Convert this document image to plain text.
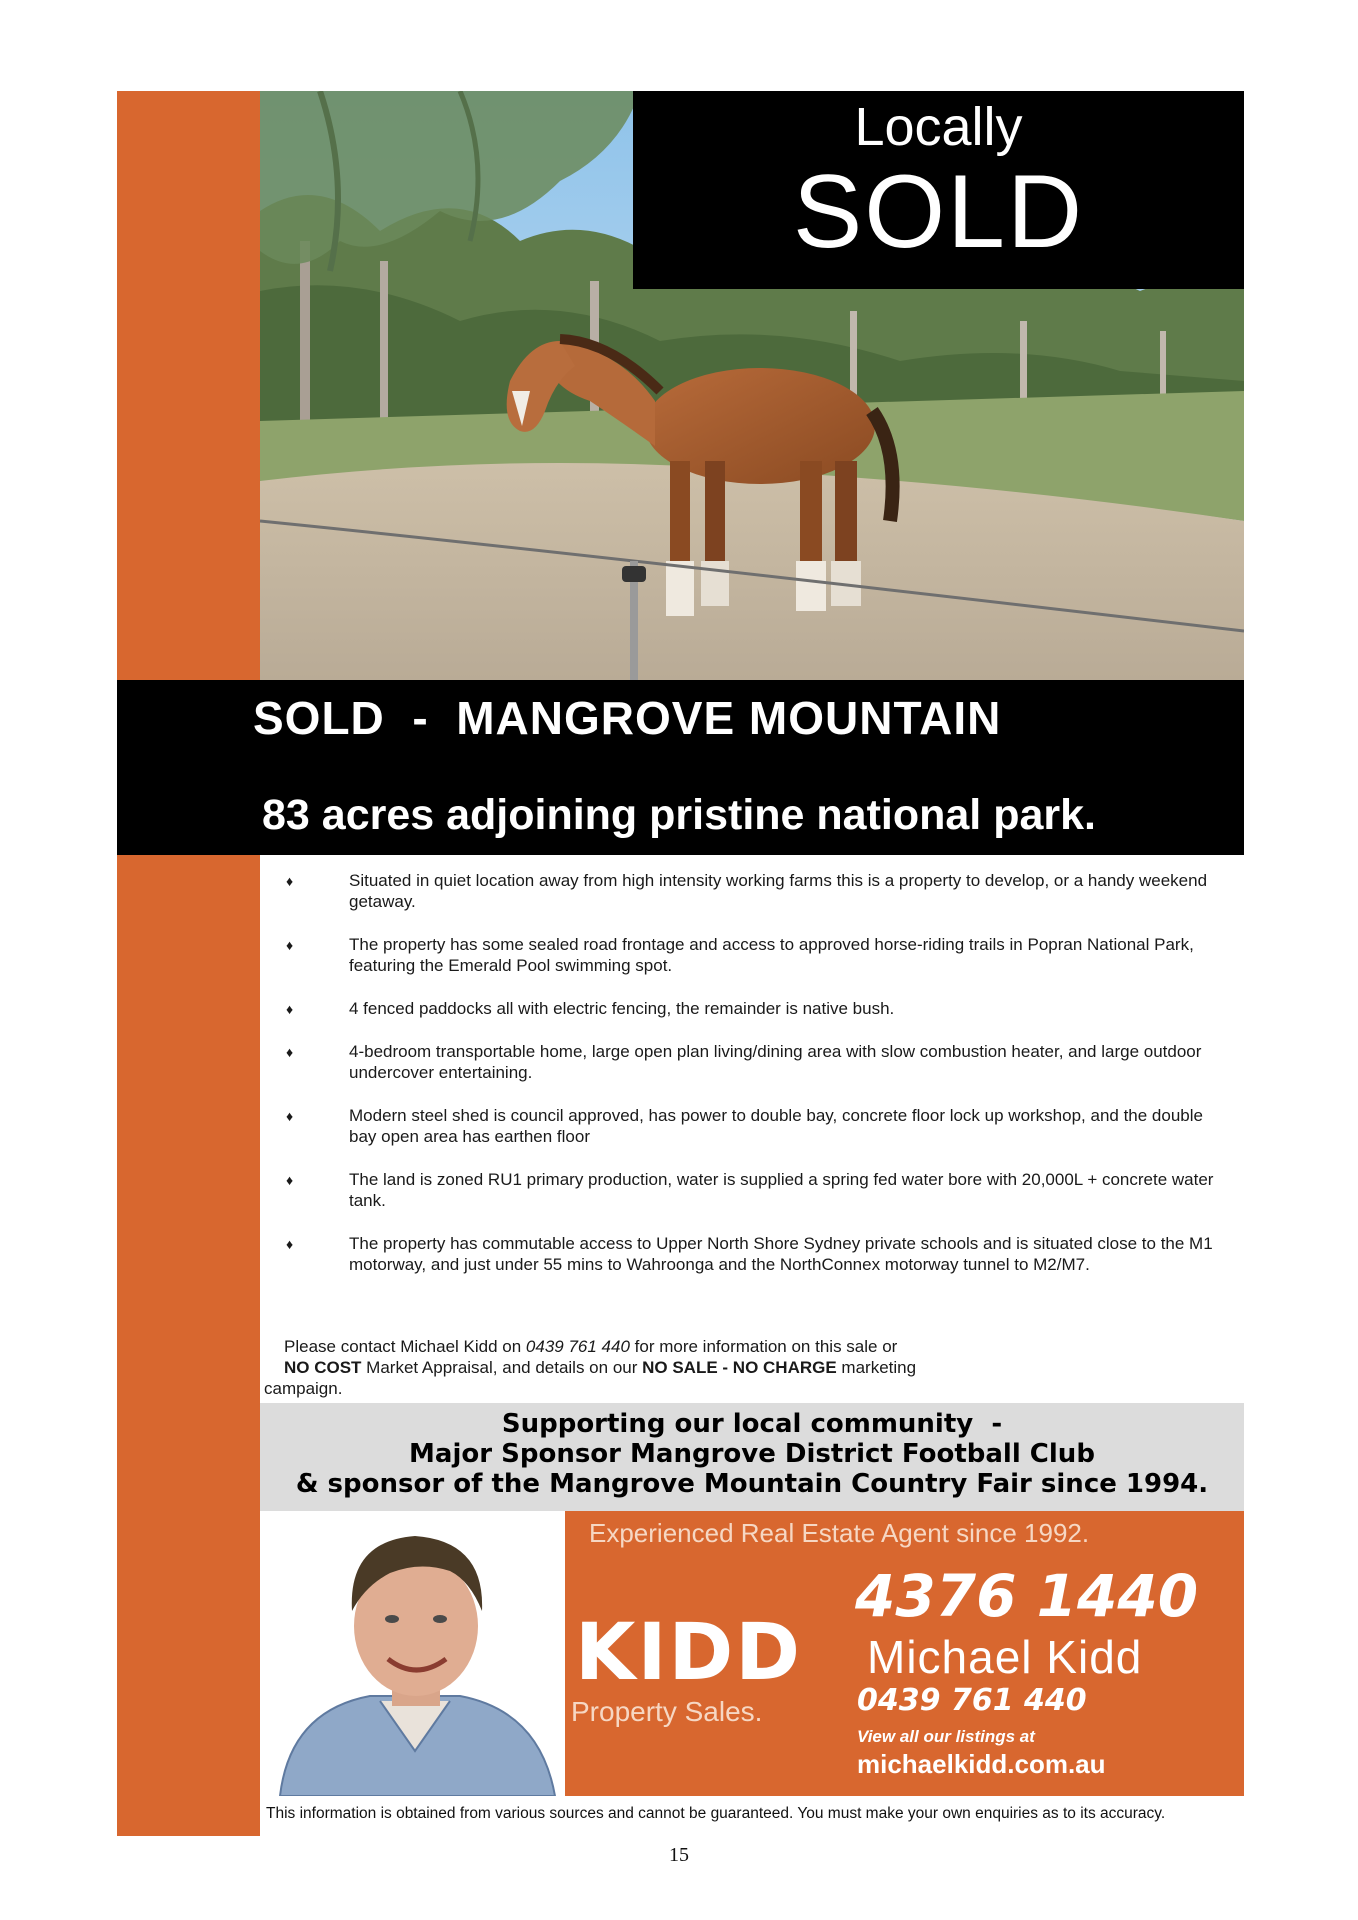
Locally
SOLD
SOLD  -  MANGROVE MOUNTAIN
83 acres adjoining pristine national park.
♦	Situated in quiet location away from high intensity working farms this is a property to develop, or a handy weekend getaway.
♦	The property has some sealed road frontage and access to approved horse-riding trails in Popran National Park, featuring the Emerald Pool swimming spot.
♦	4 fenced paddocks all with electric fencing, the remainder is native bush.
♦	4-bedroom transportable home, large open plan living/dining area with slow combustion heater, and large outdoor undercover entertaining.
♦	Modern steel shed is council approved, has power to double bay, concrete floor lock up workshop, and the double bay open area has earthen floor
♦	The land is zoned RU1 primary production, water is supplied a spring fed water bore with 20,000L + concrete water tank.
♦	The property has commutable access to Upper North Shore Sydney private schools and is situated close to the M1 motorway, and just under 55 mins to Wahroonga and the NorthConnex motorway tunnel to M2/M7.
Please contact Michael Kidd on 0439 761 440 for more information on this sale or
NO COST Market Appraisal, and details on our NO SALE - NO CHARGE marketing
campaign.
Supporting our local community  -
Major Sponsor Mangrove District Football Club
& sponsor of the Mangrove Mountain Country Fair since 1994.
Experienced Real Estate Agent since 1992.
KIDD
Property Sales.
4376 1440
Michael Kidd
0439 761 440
View all our listings at
michaelkidd.com.au
This information is obtained from various sources and cannot be guaranteed. You must make your own enquiries as to its accuracy.
15
